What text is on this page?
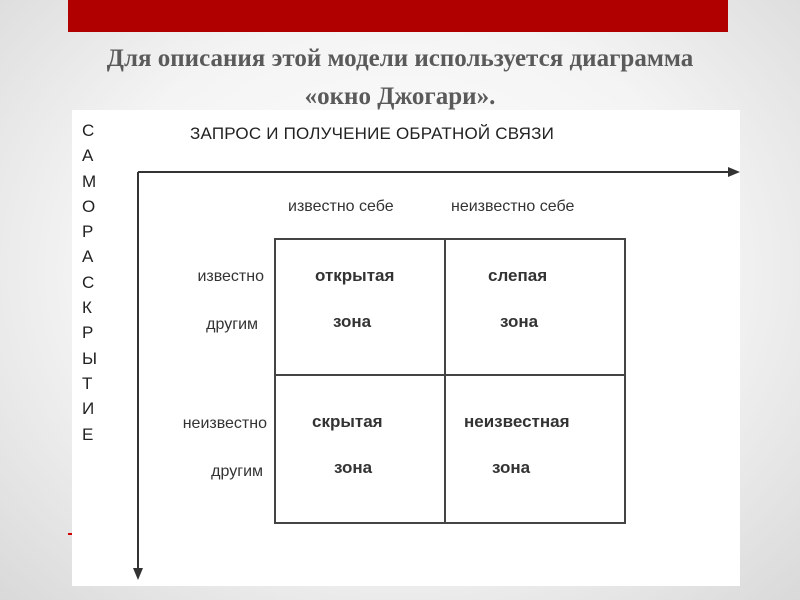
Для описания этой модели используется диаграмма
«окно Джогари».
С
А
М
О
Р
А
С
К
Р
Ы
Т
И
Е
ЗАПРОС И ПОЛУЧЕНИЕ ОБРАТНОЙ СВЯЗИ
известно себе	неизвестно себе
известно
другим
неизвестно
другим
открытая
зона
слепая
зона
скрытая
зона
неизвестная
зона
